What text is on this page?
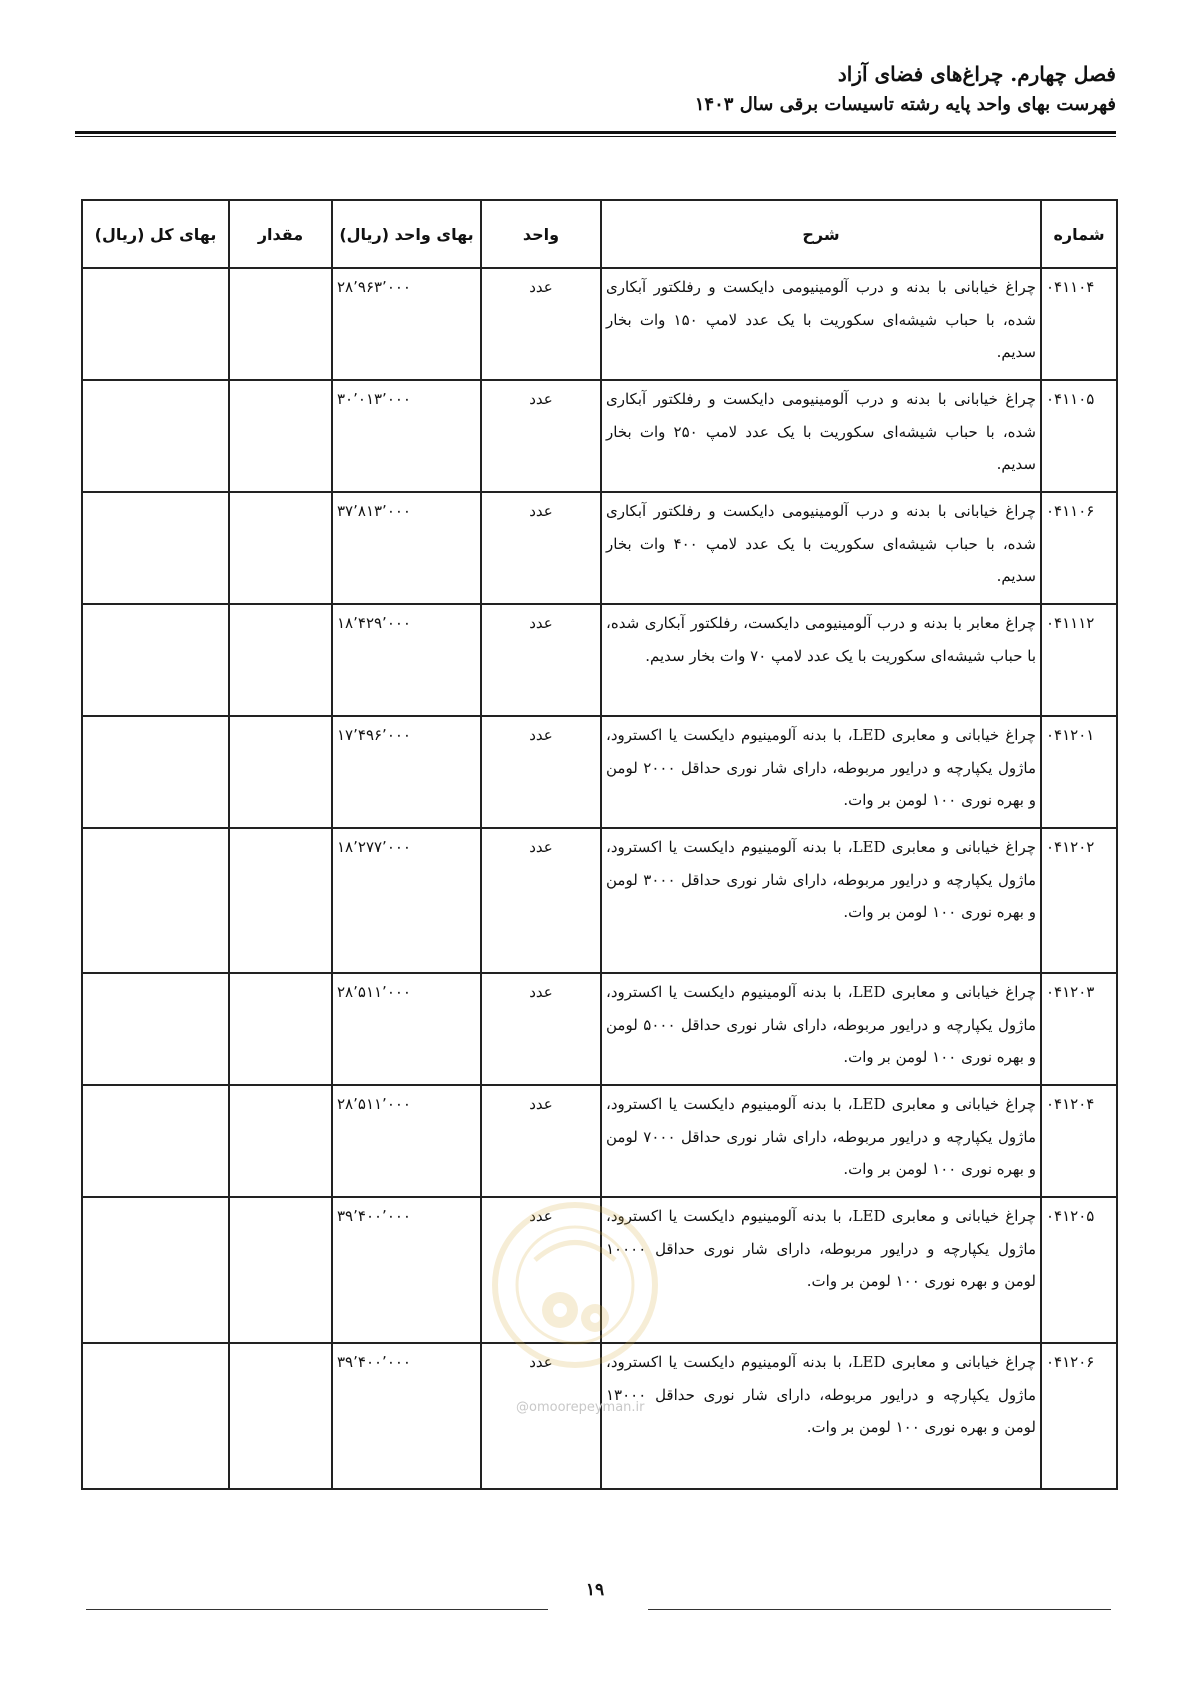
فصل چهارم. چراغ‌های فضای آزاد
فهرست بهای واحد پایه رشته تاسیسات برقی سال ۱۴۰۳
شماره	شرح	واحد	بهای واحد (ریال)	مقدار	بهای کل (ریال)
۰۴۱۱۰۴	چراغ خیابانی با بدنه و درب آلومینیومی دایکست و رفلکتور آبکاری شده، با حباب شیشه‌ای سکوریت با یک عدد لامپ ۱۵۰ وات بخار سدیم.	عدد	۲۸٬۹۶۳٬۰۰۰		
۰۴۱۱۰۵	چراغ خیابانی با بدنه و درب آلومینیومی دایکست و رفلکتور آبکاری شده، با حباب شیشه‌ای سکوریت با یک عدد لامپ ۲۵۰ وات بخار سدیم.	عدد	۳۰٬۰۱۳٬۰۰۰		
۰۴۱۱۰۶	چراغ خیابانی با بدنه و درب آلومینیومی دایکست و رفلکتور آبکاری شده، با حباب شیشه‌ای سکوریت با یک عدد لامپ ۴۰۰ وات بخار سدیم.	عدد	۳۷٬۸۱۳٬۰۰۰		
۰۴۱۱۱۲	چراغ معابر با بدنه و درب آلومینیومی دایکست، رفلکتور آبکاری شده، با حباب شیشه‌ای سکوریت با یک عدد لامپ ۷۰ وات بخار سدیم.	عدد	۱۸٬۴۲۹٬۰۰۰		
۰۴۱۲۰۱	چراغ خیابانی و معابری LED، با بدنه آلومینیوم دایکست یا اکسترود، ماژول یکپارچه و درایور مربوطه، دارای شار نوری حداقل ۲۰۰۰ لومن و بهره نوری ۱۰۰ لومن بر وات.	عدد	۱۷٬۴۹۶٬۰۰۰		
۰۴۱۲۰۲	چراغ خیابانی و معابری LED، با بدنه آلومینیوم دایکست یا اکسترود، ماژول یکپارچه و درایور مربوطه، دارای شار نوری حداقل ۳۰۰۰ لومن و بهره نوری ۱۰۰ لومن بر وات.	عدد	۱۸٬۲۷۷٬۰۰۰		
۰۴۱۲۰۳	چراغ خیابانی و معابری LED، با بدنه آلومینیوم دایکست یا اکسترود، ماژول یکپارچه و درایور مربوطه، دارای شار نوری حداقل ۵۰۰۰ لومن و بهره نوری ۱۰۰ لومن بر وات.	عدد	۲۸٬۵۱۱٬۰۰۰		
۰۴۱۲۰۴	چراغ خیابانی و معابری LED، با بدنه آلومینیوم دایکست یا اکسترود، ماژول یکپارچه و درایور مربوطه، دارای شار نوری حداقل ۷۰۰۰ لومن و بهره نوری ۱۰۰ لومن بر وات.	عدد	۲۸٬۵۱۱٬۰۰۰		
۰۴۱۲۰۵	چراغ خیابانی و معابری LED، با بدنه آلومینیوم دایکست یا اکسترود، ماژول یکپارچه و درایور مربوطه، دارای شار نوری حداقل ۱۰۰۰۰ لومن و بهره نوری ۱۰۰ لومن بر وات.	عدد	۳۹٬۴۰۰٬۰۰۰		
۰۴۱۲۰۶	چراغ خیابانی و معابری LED، با بدنه آلومینیوم دایکست یا اکسترود، ماژول یکپارچه و درایور مربوطه، دارای شار نوری حداقل ۱۳۰۰۰ لومن و بهره نوری ۱۰۰ لومن بر وات.	عدد	۳۹٬۴۰۰٬۰۰۰		
@omoorepeyman.ir
۱۹
